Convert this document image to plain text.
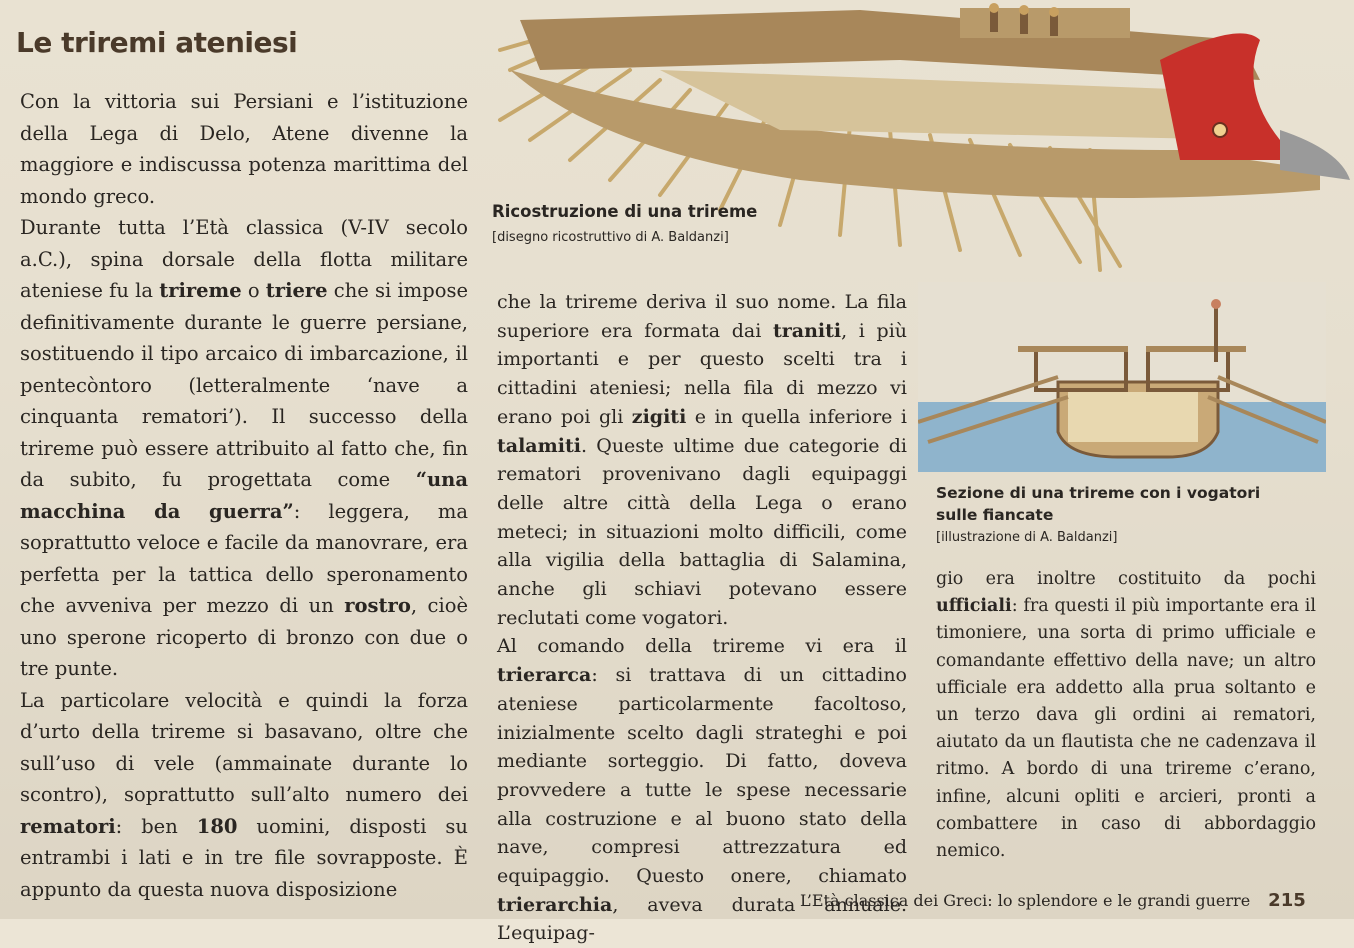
Le triremi ateniesi

Con la vittoria sui Persiani e l’istituzione della Lega di Delo, Atene divenne la maggiore e indiscussa potenza marittima del mondo greco.

Durante tutta l’Età classica (V-IV secolo a.C.), spina dorsale della flotta militare ateniese fu la trireme o triere che si impose definitivamente durante le guerre persiane, sostituendo il tipo arcaico di imbarcazione, il pentecòntoro (letteralmente ‘nave a cinquanta rematori’). Il successo della trireme può essere attribuito al fatto che, fin da subito, fu progettata come “una macchina da guerra”: leggera, ma soprattutto veloce e facile da manovrare, era perfetta per la tattica dello speronamento che avveniva per mezzo di un rostro, cioè uno sperone ricoperto di bronzo con due o tre punte.

La particolare velocità e quindi la forza d’urto della trireme si basavano, oltre che sull’uso di vele (ammainate durante lo scontro), soprattutto sull’alto numero dei rematori: ben 180 uomini, disposti su entrambi i lati e in tre file sovrapposte. È appunto da questa nuova disposizione

che la trireme deriva il suo nome. La fila superiore era formata dai traniti, i più importanti e per questo scelti tra i cittadini ateniesi; nella fila di mezzo vi erano poi gli zigiti e in quella inferiore i talamiti. Queste ultime due categorie di rematori provenivano dagli equipaggi delle altre città della Lega o erano meteci; in situazioni molto difficili, come alla vigilia della battaglia di Salamina, anche gli schiavi potevano essere reclutati come vogatori.

Al comando della trireme vi era il trierarca: si trattava di un cittadino ateniese particolarmente facoltoso, inizialmente scelto dagli strateghi e poi mediante sorteggio. Di fatto, doveva provvedere a tutte le spese necessarie alla costruzione e al buono stato della nave, compresi attrezzatura ed equipaggio. Questo onere, chiamato trierarchia, aveva durata annuale. L’equipag-

gio era inoltre costituito da pochi ufficiali: fra questi il più importante era il timoniere, una sorta di primo ufficiale e comandante effettivo della nave; un altro ufficiale era addetto alla prua soltanto e un terzo dava gli ordini ai rematori, aiutato da un flautista che ne cadenzava il ritmo. A bordo di una trireme c’erano, infine, alcuni opliti e arcieri, pronti a combattere in caso di abbordaggio nemico.

Ricostruzione di una trireme
[disegno ricostruttivo di A. Baldanzi]
Sezione di una trireme con i vogatori
sulle fiancate
[illustrazione di A. Baldanzi]
L’Età classica dei Greci: lo splendore e le grandi guerre 215
